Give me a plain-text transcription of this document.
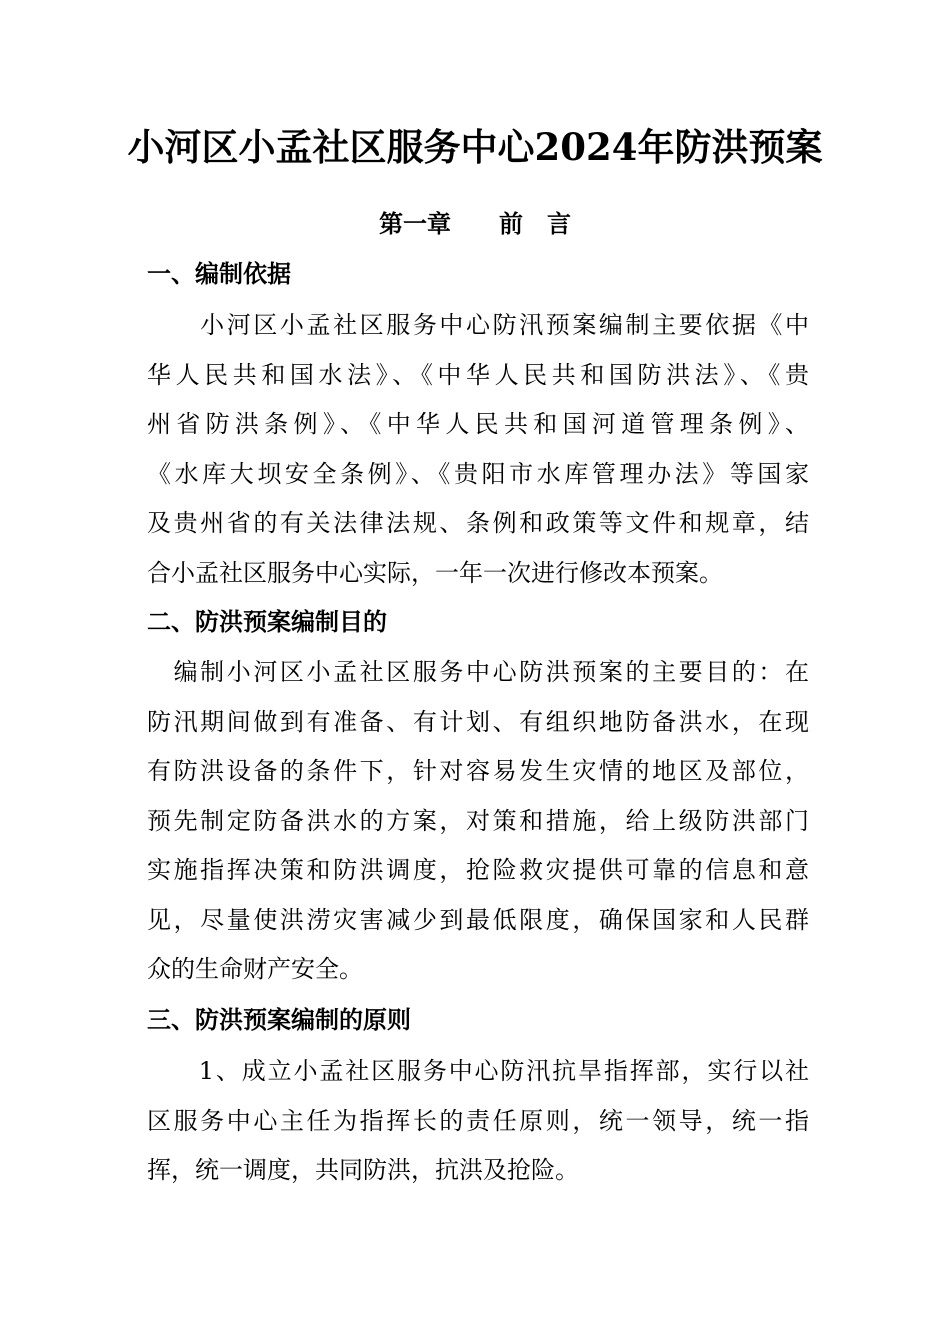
小河区小孟社区服务中心2024年防洪预案
第一章　　前　言
一、编制依据
　　小河区小孟社区服务中心防汛预案编制主要依据《中
华人民共和国水法》、《中华人民共和国防洪法》、《贵
州省防洪条例》、《中华人民共和国河道管理条例》、
《水库大坝安全条例》、《贵阳市水库管理办法》等国家
及贵州省的有关法律法规、条例和政策等文件和规章，结
合小孟社区服务中心实际，一年一次进行修改本预案。
二、防洪预案编制目的
　编制小河区小孟社区服务中心防洪预案的主要目的：在
防汛期间做到有准备、有计划、有组织地防备洪水，在现
有防洪设备的条件下，针对容易发生灾情的地区及部位，
预先制定防备洪水的方案，对策和措施，给上级防洪部门
实施指挥决策和防洪调度，抢险救灾提供可靠的信息和意
见，尽量使洪涝灾害减少到最低限度，确保国家和人民群
众的生命财产安全。
三、防洪预案编制的原则
　　1、成立小孟社区服务中心防汛抗旱指挥部，实行以社
区服务中心主任为指挥长的责任原则，统一领导，统一指
挥，统一调度，共同防洪，抗洪及抢险。
